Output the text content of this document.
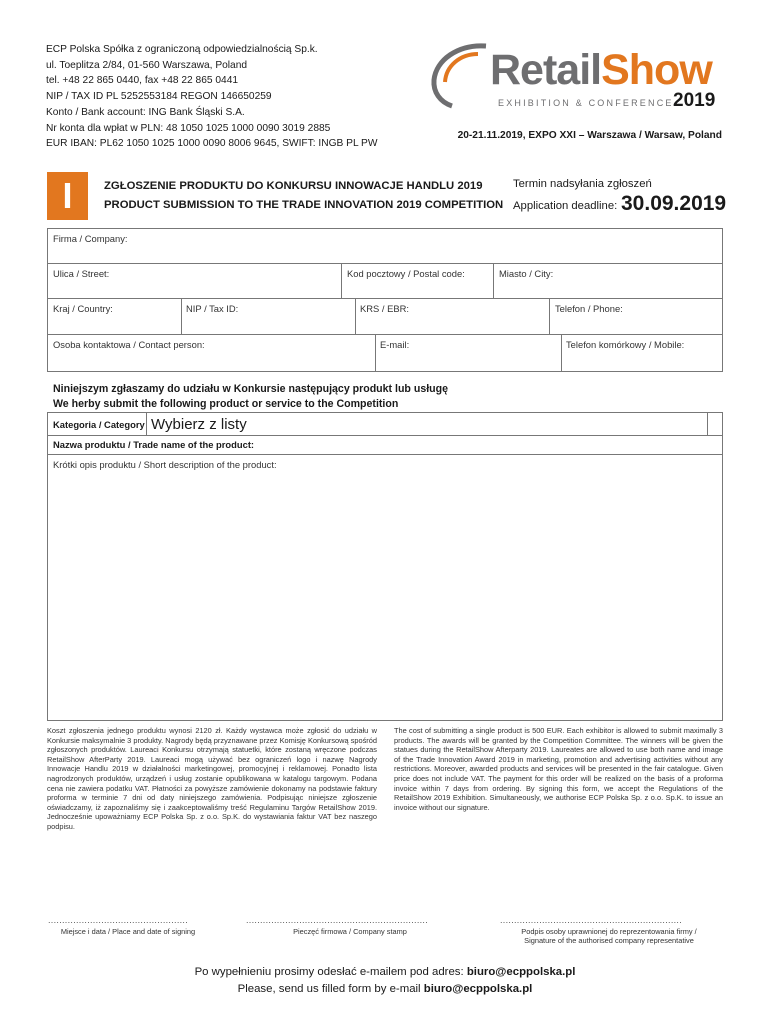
ECP Polska Spółka z ograniczoną odpowiedzialnością Sp.k.
ul. Toeplitza 2/84, 01-560 Warszawa, Poland
tel. +48 22 865 0440, fax +48 22 865 0441
NIP / TAX ID PL 5252553184 REGON 146650259
Konto / Bank account: ING Bank Śląski S.A.
Nr konta dla wpłat w PLN: 48 1050 1025 1000 0090 3019 2885
EUR IBAN: PL62 1050 1025 1000 0090 8006 9645, SWIFT: INGB PL PW
RetailShow
EXHIBITION & CONFERENCE 2019
20-21.11.2019, EXPO XXI – Warszawa / Warsaw, Poland
I	ZGŁOSZENIE PRODUKTU DO KONKURSU INNOWACJE HANDLU 2019
PRODUCT SUBMISSION TO THE TRADE INNOVATION 2019 COMPETITION
Termin nadsyłania zgłoszeń
Application deadline: 30.09.2019
Firma / Company:
Ulica / Street:	Kod pocztowy / Postal code:	Miasto / City:
Kraj / Country:	NIP / Tax ID:	KRS / EBR:	Telefon / Phone:
Osoba kontaktowa / Contact person:	E-mail:	Telefon komórkowy / Mobile:
Niniejszym zgłaszamy do udziału w Konkursie następujący produkt lub usługę
We herby submit the following product or service to the Competition
Kategoria / Category Wybierz z listy
Nazwa produktu / Trade name of the product:
Krótki opis produktu / Short description of the product:
Koszt zgłoszenia jednego produktu wynosi 2120 zł. Każdy wystawca może zgłosić do udziału w Konkursie maksymalnie 3 produkty. Nagrody będą przyznawane przez Komisję Konkursową spośród zgłoszonych produktów. Laureaci Konkursu otrzymają statuetki, które zostaną wręczone podczas RetailShow AfterParty 2019. Laureaci mogą używać bez ograniczeń logo i nazwę Nagrody Innowacje Handlu 2019 w działalności marketingowej, promocyjnej i reklamowej. Ponadto lista nagrodzonych produktów, urządzeń i usług zostanie opublikowana w katalogu targowym. Podana cena nie zawiera podatku VAT. Płatności za powyższe zamówienie dokonamy na podstawie faktury proforma w terminie 7 dni od daty niniejszego zamówienia. Podpisując niniejsze zgłoszenie oświadczamy, iż zapoznaliśmy się i zaakceptowaliśmy treść Regulaminu Targów RetailShow 2019. Jednocześnie upoważniamy ECP Polska Sp. z o.o. Sp.K. do wystawiania faktur VAT bez naszego podpisu.
The cost of submitting a single product is 500 EUR. Each exhibitor is allowed to submit maximally 3 products. The awards will be granted by the Competition Committee. The winners will be given the statues during the RetailShow Afterparty 2019. Laureates are allowed to use both name and image of the Trade Innovation Award 2019 in marketing, promotion and advertising activities without any restrictions. Moreover, awarded products and services will be presented in the fair catalogue. Given price does not include VAT. The payment for this order will be realized on the basis of a proforma invoice within 7 days from ordering. By signing this form, we accept the Regulations of the RetailShow 2019 Exhibition. Simultaneously, we authorise ECP Polska Sp. z o.o. Sp.K. to issue an invoice without our signature.
..................................................	.................................................................	.................................................................
Miejsce i data / Place and date of signing	Pieczęć firmowa / Company stamp	Podpis osoby uprawnionej do reprezentowania firmy /
Signature of the authorised company representative
Po wypełnieniu prosimy odesłać e-mailem pod adres: biuro@ecppolska.pl
Please, send us filled form by e-mail biuro@ecppolska.pl
